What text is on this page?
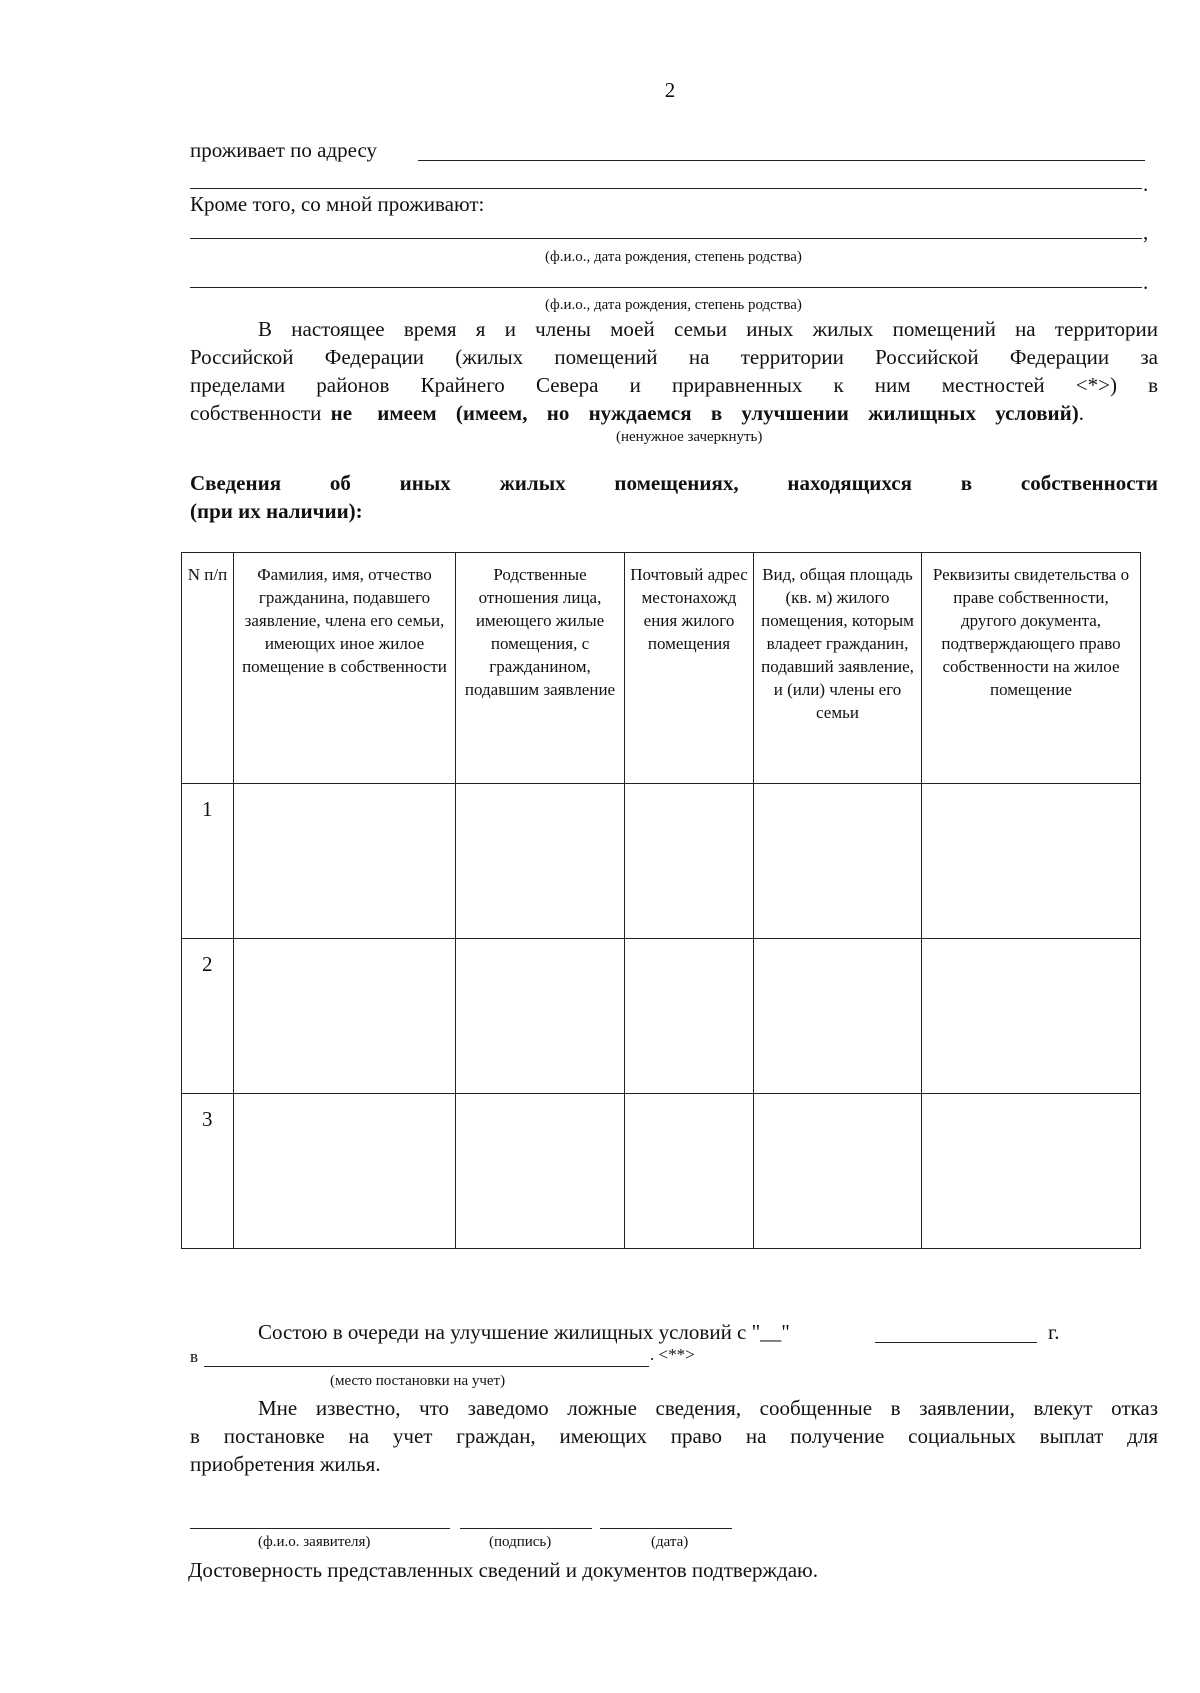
2
проживает по адресу
.
Кроме того, со мной проживают:
,
(ф.и.о., дата рождения, степень родства)
.
(ф.и.о., дата рождения, степень родства)
В настоящее время я и члены моей семьи иных жилых помещений на территории
Российской Федерации (жилых помещений на территории Российской Федерации за
пределами районов Крайнего Севера и приравненных к ним местностей <*>) в
собственности не имеем (имеем, но нуждаемся в улучшении жилищных условий).
(ненужное зачеркнуть)
Сведения об иных жилых помещениях, находящихся в собственности
(при их наличии):
N п/п	Фамилия, имя, отчество гражданина, подавшего заявление, члена его семьи, имеющих иное жилое помещение в собственности	Родственные отношения лица, имеющего жилые помещения, с гражданином, подавшим заявление	Почтовый адрес местонахожд ения жилого помещения	Вид, общая площадь (кв. м) жилого помещения, которым владеет гражданин, подавший заявление, и (или) члены его семьи	Реквизиты свидетельства о праве собственности, другого документа, подтверждающего право собственности на жилое помещение
1					
2					
3					
Состою в очереди на улучшение жилищных условий с "__"	г.
в	. <**>
(место постановки на учет)
Мне известно, что заведомо ложные сведения, сообщенные в заявлении, влекут отказ
в постановке на учет граждан, имеющих право на получение социальных выплат для
приобретения жилья.
(ф.и.о. заявителя)	(подпись)	(дата)
Достоверность представленных сведений и документов подтверждаю.
